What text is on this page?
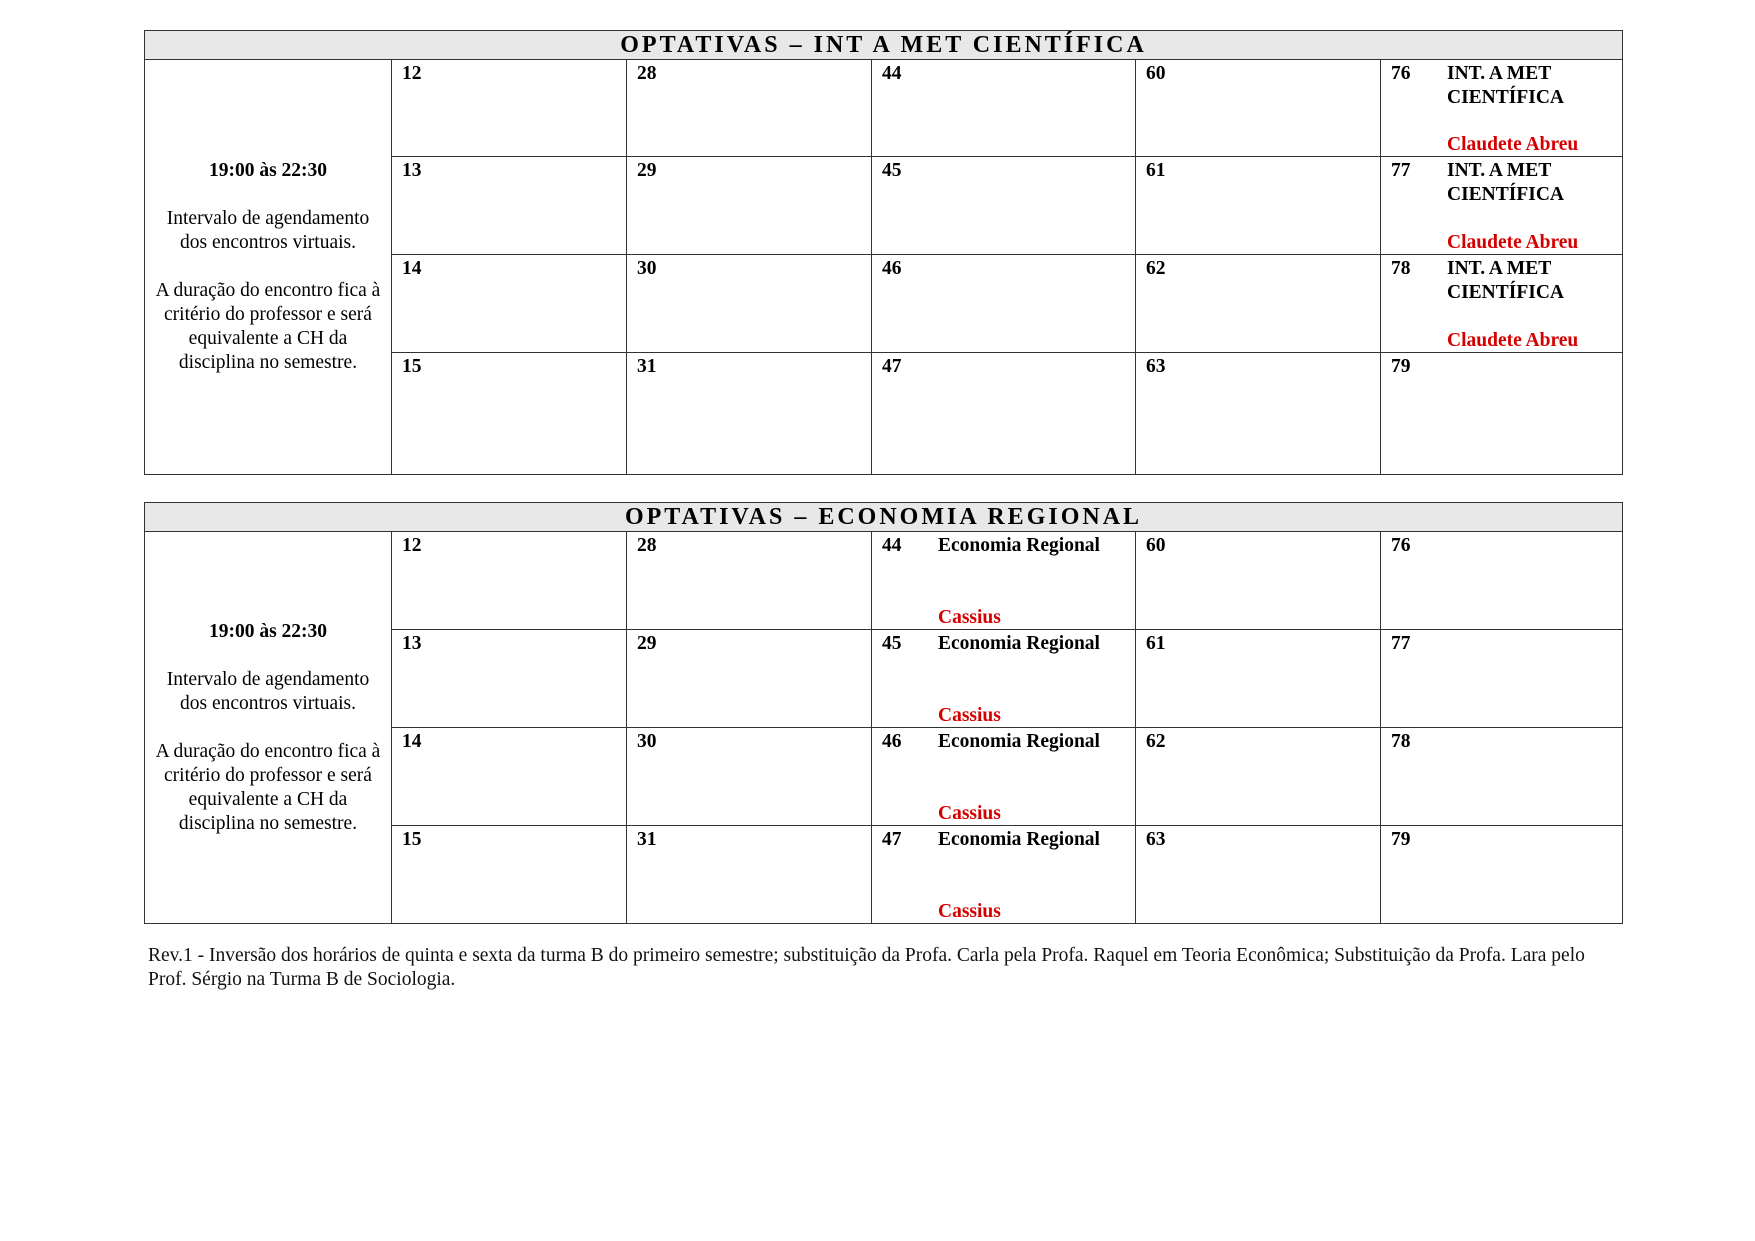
OPTATIVAS – INT A MET CIENTÍFICA					

19:00 às 22:30
Intervalo de agendamento dos encontros virtuais.
A duração do encontro fica à critério do professor e será equivalente a CH da disciplina no semestre.	12	28	44	60	76 INT. A MET CIENTÍFICA
Claudete Abreu

	13	29	45	61	77 INT. A MET CIENTÍFICA
Claudete Abreu

	14	30	46	62	78 INT. A MET CIENTÍFICA
Claudete Abreu

	15	31	47	63	79
OPTATIVAS – ECONOMIA REGIONAL					

19:00 às 22:30
Intervalo de agendamento dos encontros virtuais.
A duração do encontro fica à critério do professor e será equivalente a CH da disciplina no semestre.	12	28	44 Economia Regional
Cassius	60	76

	13	29	45 Economia Regional
Cassius	61	77

	14	30	46 Economia Regional
Cassius	62	78

	15	31	47 Economia Regional
Cassius	63	79
Rev.1 - Inversão dos horários de quinta e sexta da turma B do primeiro semestre; substituição da Profa. Carla pela Profa. Raquel em Teoria Econômica; Substituição da Profa. Lara pelo Prof. Sérgio na Turma B de Sociologia.
